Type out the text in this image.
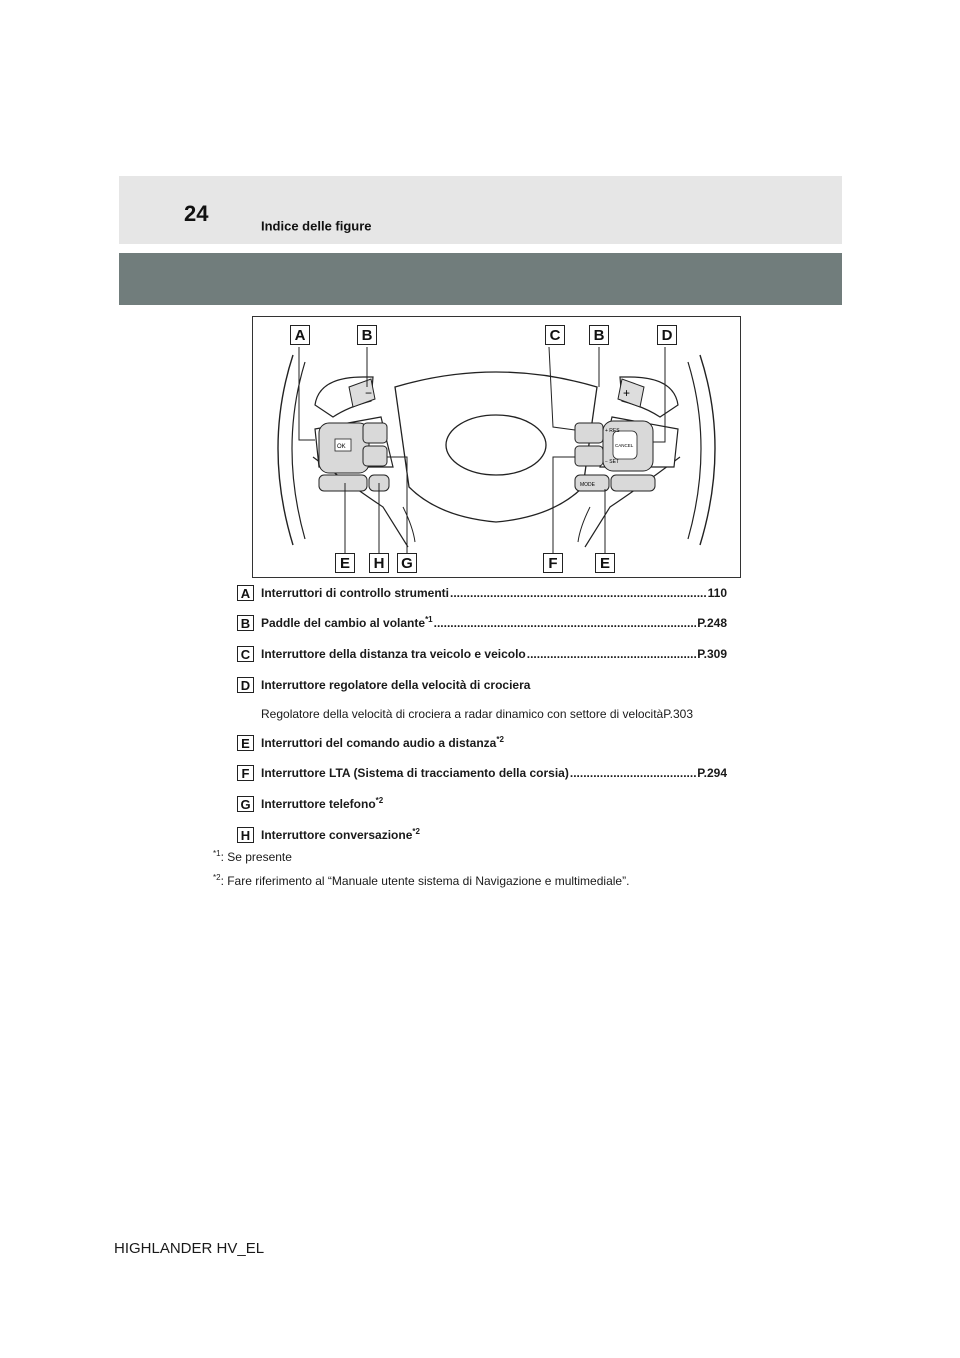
24	Indice delle figure
−	+
OK
+ RES
− SET
CANCEL
MODE
A	B	C	B	D
E	H	G	F	E
A Interruttori di controllo strumenti .....	110
B Paddle del cambio al volante$^{*1}$ .....	P.248
C Interruttore della distanza tra veicolo e veicolo .....	P.309
D Interruttore regolatore della velocità di crociera
Regolatore della velocità di crociera a radar dinamico con settore di velocità P.303
E Interruttori del comando audio a distanza$^{*2}$
F Interruttore LTA (Sistema di tracciamento della corsia) .....	P.294
G Interruttore telefono$^{*2}$
H Interruttore conversazione$^{*2}$
$^{*1}$: Se presente
$^{*2}$: Fare riferimento al “Manuale utente sistema di Navigazione e multimediale”.
HIGHLANDER HV_EL
